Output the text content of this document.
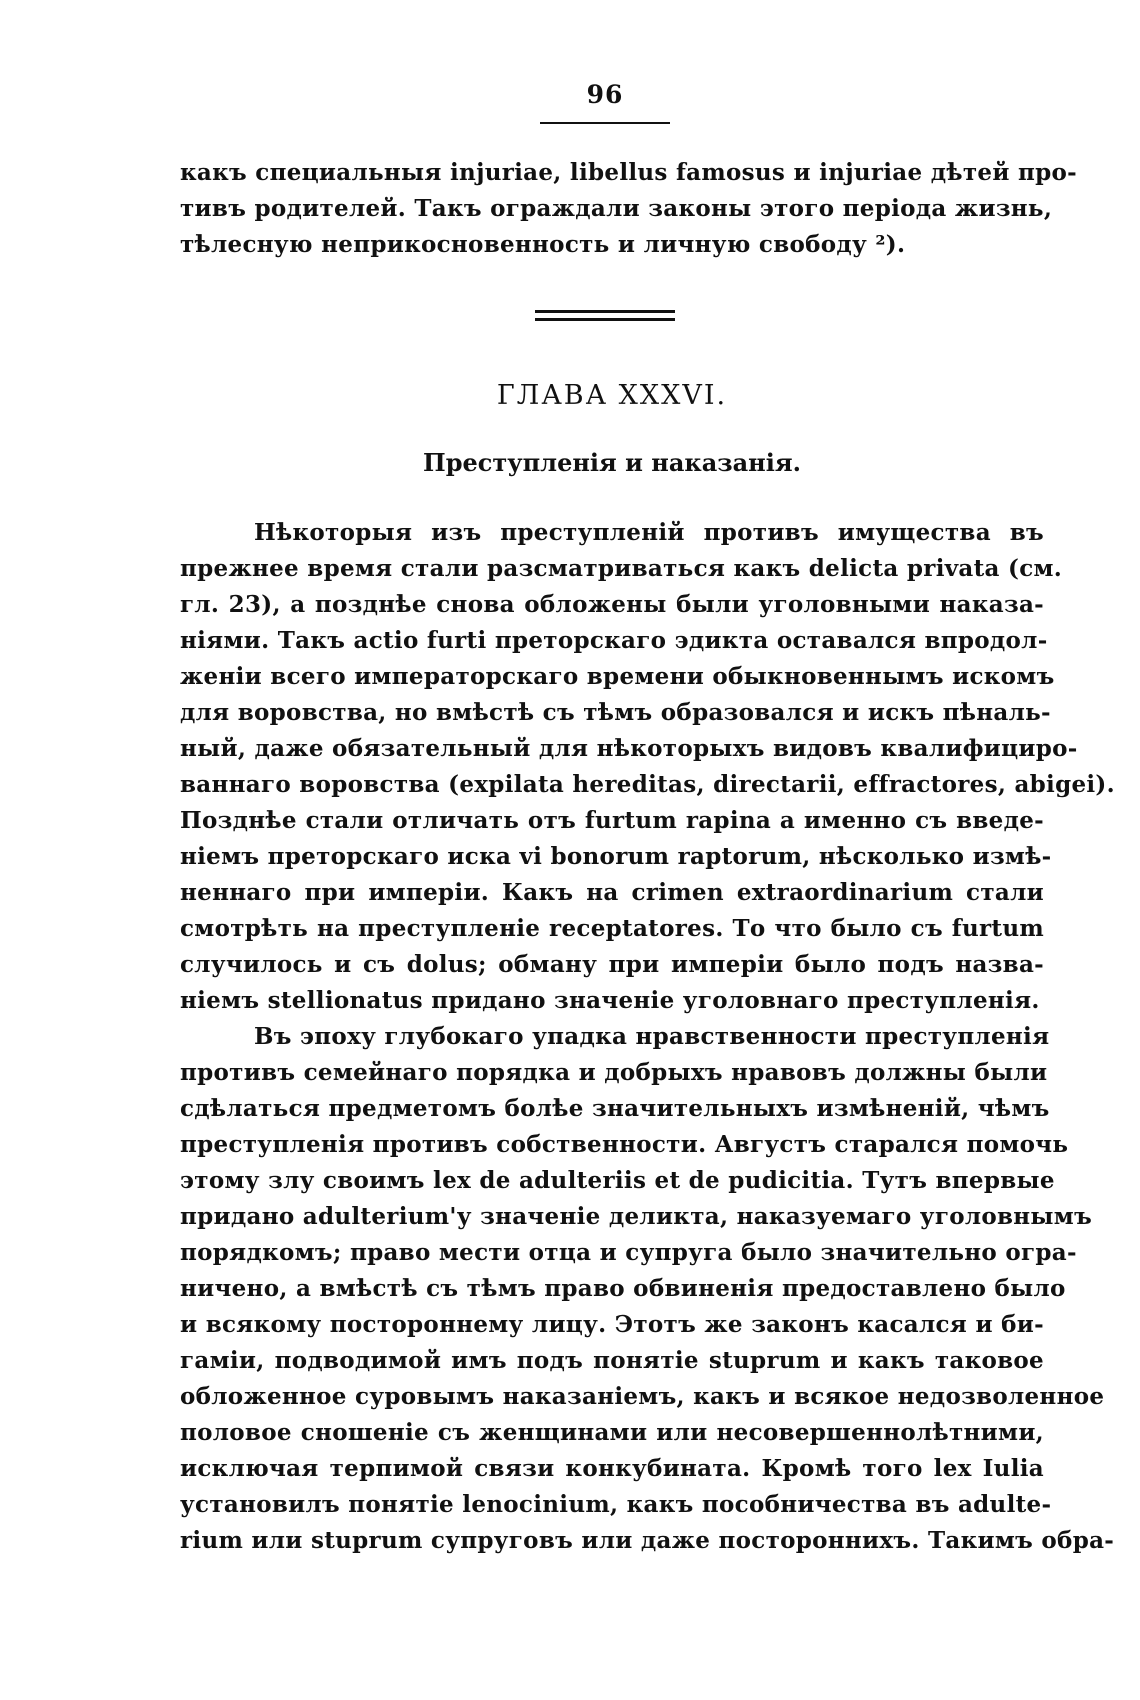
96
какъ специальныя injuriae, libellus famosus и injuriae дѣтей про-
тивъ родителей. Такъ ограждали законы этого періода жизнь,
тѣлесную неприкосновенность и личную свободу ²).
ГЛАВА XXXVI.
Преступленія и наказанія.
Нѣкоторыя изъ преступленій противъ имущества въ
прежнее время стали разсматриваться какъ delicta privata (см.
гл. 23), а позднѣе снова обложены были уголовными наказа-
ніями. Такъ actio furti преторскаго эдикта оставался впродол-
женіи всего императорскаго времени обыкновеннымъ искомъ
для воровства, но вмѣстѣ съ тѣмъ образовался и искъ пѣналь-
ный, даже обязательный для нѣкоторыхъ видовъ квалифициро-
ваннаго воровства (expilata hereditas, directarii, effractores, abigei).
Позднѣе стали отличать отъ furtum rapina а именно съ введе-
ніемъ преторскаго иска vi bonorum raptorum, нѣсколько измѣ-
неннаго при имперіи. Какъ на crimen extraordinarium стали
смотрѣть на преступленіе receptatores. То что было съ furtum
случилось и съ dolus; обману при имперіи было подъ назва-
ніемъ stellionatus придано значеніе уголовнаго преступленія.
Въ эпоху глубокаго упадка нравственности преступленія
противъ семейнаго порядка и добрыхъ нравовъ должны были
сдѣлаться предметомъ болѣе значительныхъ измѣненій, чѣмъ
преступленія противъ собственности. Августъ старался помочь
этому злу своимъ lex de adulteriis et de pudicitia. Тутъ впервые
придано adulterium'у значеніе деликта, наказуемаго уголовнымъ
порядкомъ; право мести отца и супруга было значительно огра-
ничено, а вмѣстѣ съ тѣмъ право обвиненія предоставлено было
и всякому постороннему лицу. Этотъ же законъ касался и би-
гаміи, подводимой имъ подъ понятіе stuprum и какъ таковое
обложенное суровымъ наказаніемъ, какъ и всякое недозволенное
половое сношеніе съ женщинами или несовершеннолѣтними,
исключая терпимой связи конкубината. Кромѣ того lex Iulia
установилъ понятіе lenocinium, какъ пособничества въ adulte-
rium или stuprum супруговъ или даже постороннихъ. Такимъ обра-
